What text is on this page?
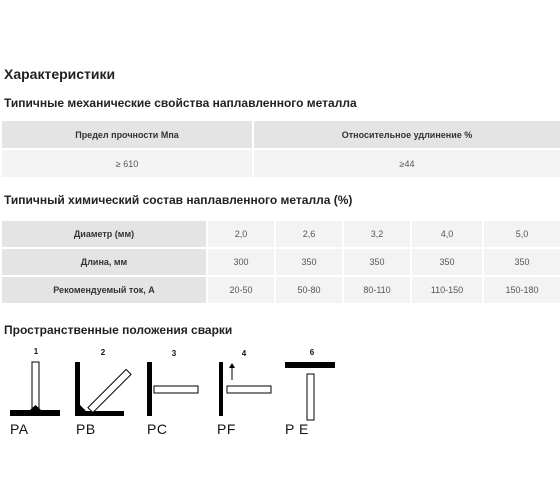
Характеристики
Типичные механические свойства наплавленного металла
Предел прочности Мпа	Относительное удлинение %
≥ 610	≥44
Типичный химический состав наплавленного металла (%)
Диаметр (мм)	2,0	2,6	3,2	4,0	5,0
Длина, мм	300	350	350	350	350
Рекомендуемый ток, А	20-50	50-80	80-110	110-150	150-180
Пространственные положения сварки
1	2	3	4	6
PA	PB	PC	PF	P E
